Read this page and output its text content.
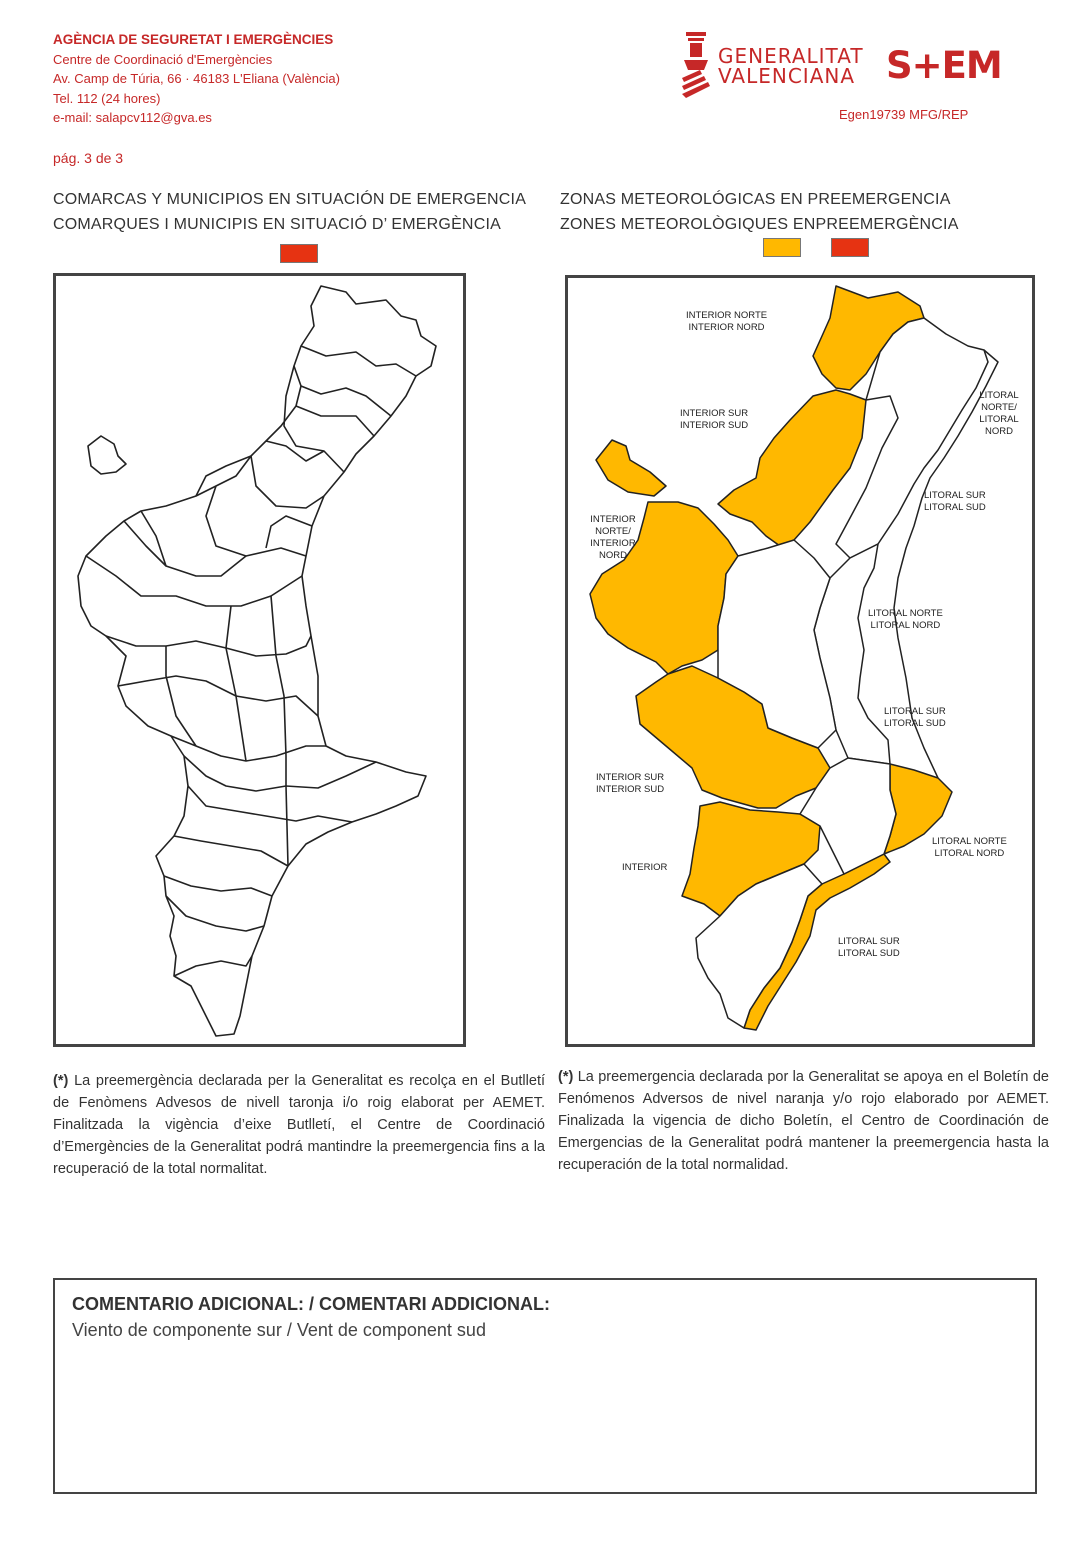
AGÈNCIA DE SEGURETAT I EMERGÈNCIES
Centre de Coordinació d'Emergències
Av. Camp de Túria, 66 · 46183 L'Eliana (València)
Tel. 112 (24 hores)
e-mail: salapcv112@gva.es
GENERALITAT
VALENCIANA S+EM
Egen19739 MFG/REP
pág. 3 de 3
COMARCAS Y MUNICIPIOS EN SITUACIÓN DE EMERGENCIA
COMARQUES I MUNICIPIS EN SITUACIÓ D’ EMERGÈNCIA
ZONAS METEOROLÓGICAS EN PREEMERGENCIA
ZONES METEOROLÒGIQUES ENPREEMERGÈNCIA
INTERIOR NORTE
INTERIOR NORD
INTERIOR SUR
INTERIOR SUD
LITORAL
NORTE/ LITORAL NORD
LITORAL SUR
LITORAL SUD
INTERIOR NORTE/
INTERIOR NORD
LITORAL NORTE
LITORAL NORD
LITORAL SUR
LITORAL SUD
INTERIOR SUR
INTERIOR SUD
LITORAL NORTE
LITORAL NORD
INTERIOR
LITORAL SUR
LITORAL SUD
(*) La preemergència declarada per la Generalitat es recolça en el Butlletí de Fenòmens Advesos de nivell taronja i/o roig elaborat per AEMET. Finalitzada la vigència d’eixe Butlletí, el Centre de Coordinació d’Emergències de la Generalitat podrá mantindre la preemergencia fins a la recuperació de la total normalitat.
(*) La preemergencia declarada por la Generalitat se apoya en el Boletín de Fenómenos Adversos de nivel naranja y/o rojo elaborado por AEMET. Finalizada la vigencia de dicho Boletín, el Centro de Coordinación de Emergencias de la Generalitat podrá mantener la preemergencia hasta la recuperación de la total normalidad.
COMENTARIO ADICIONAL: / COMENTARI ADDICIONAL:
Viento de componente sur / Vent de component sud
